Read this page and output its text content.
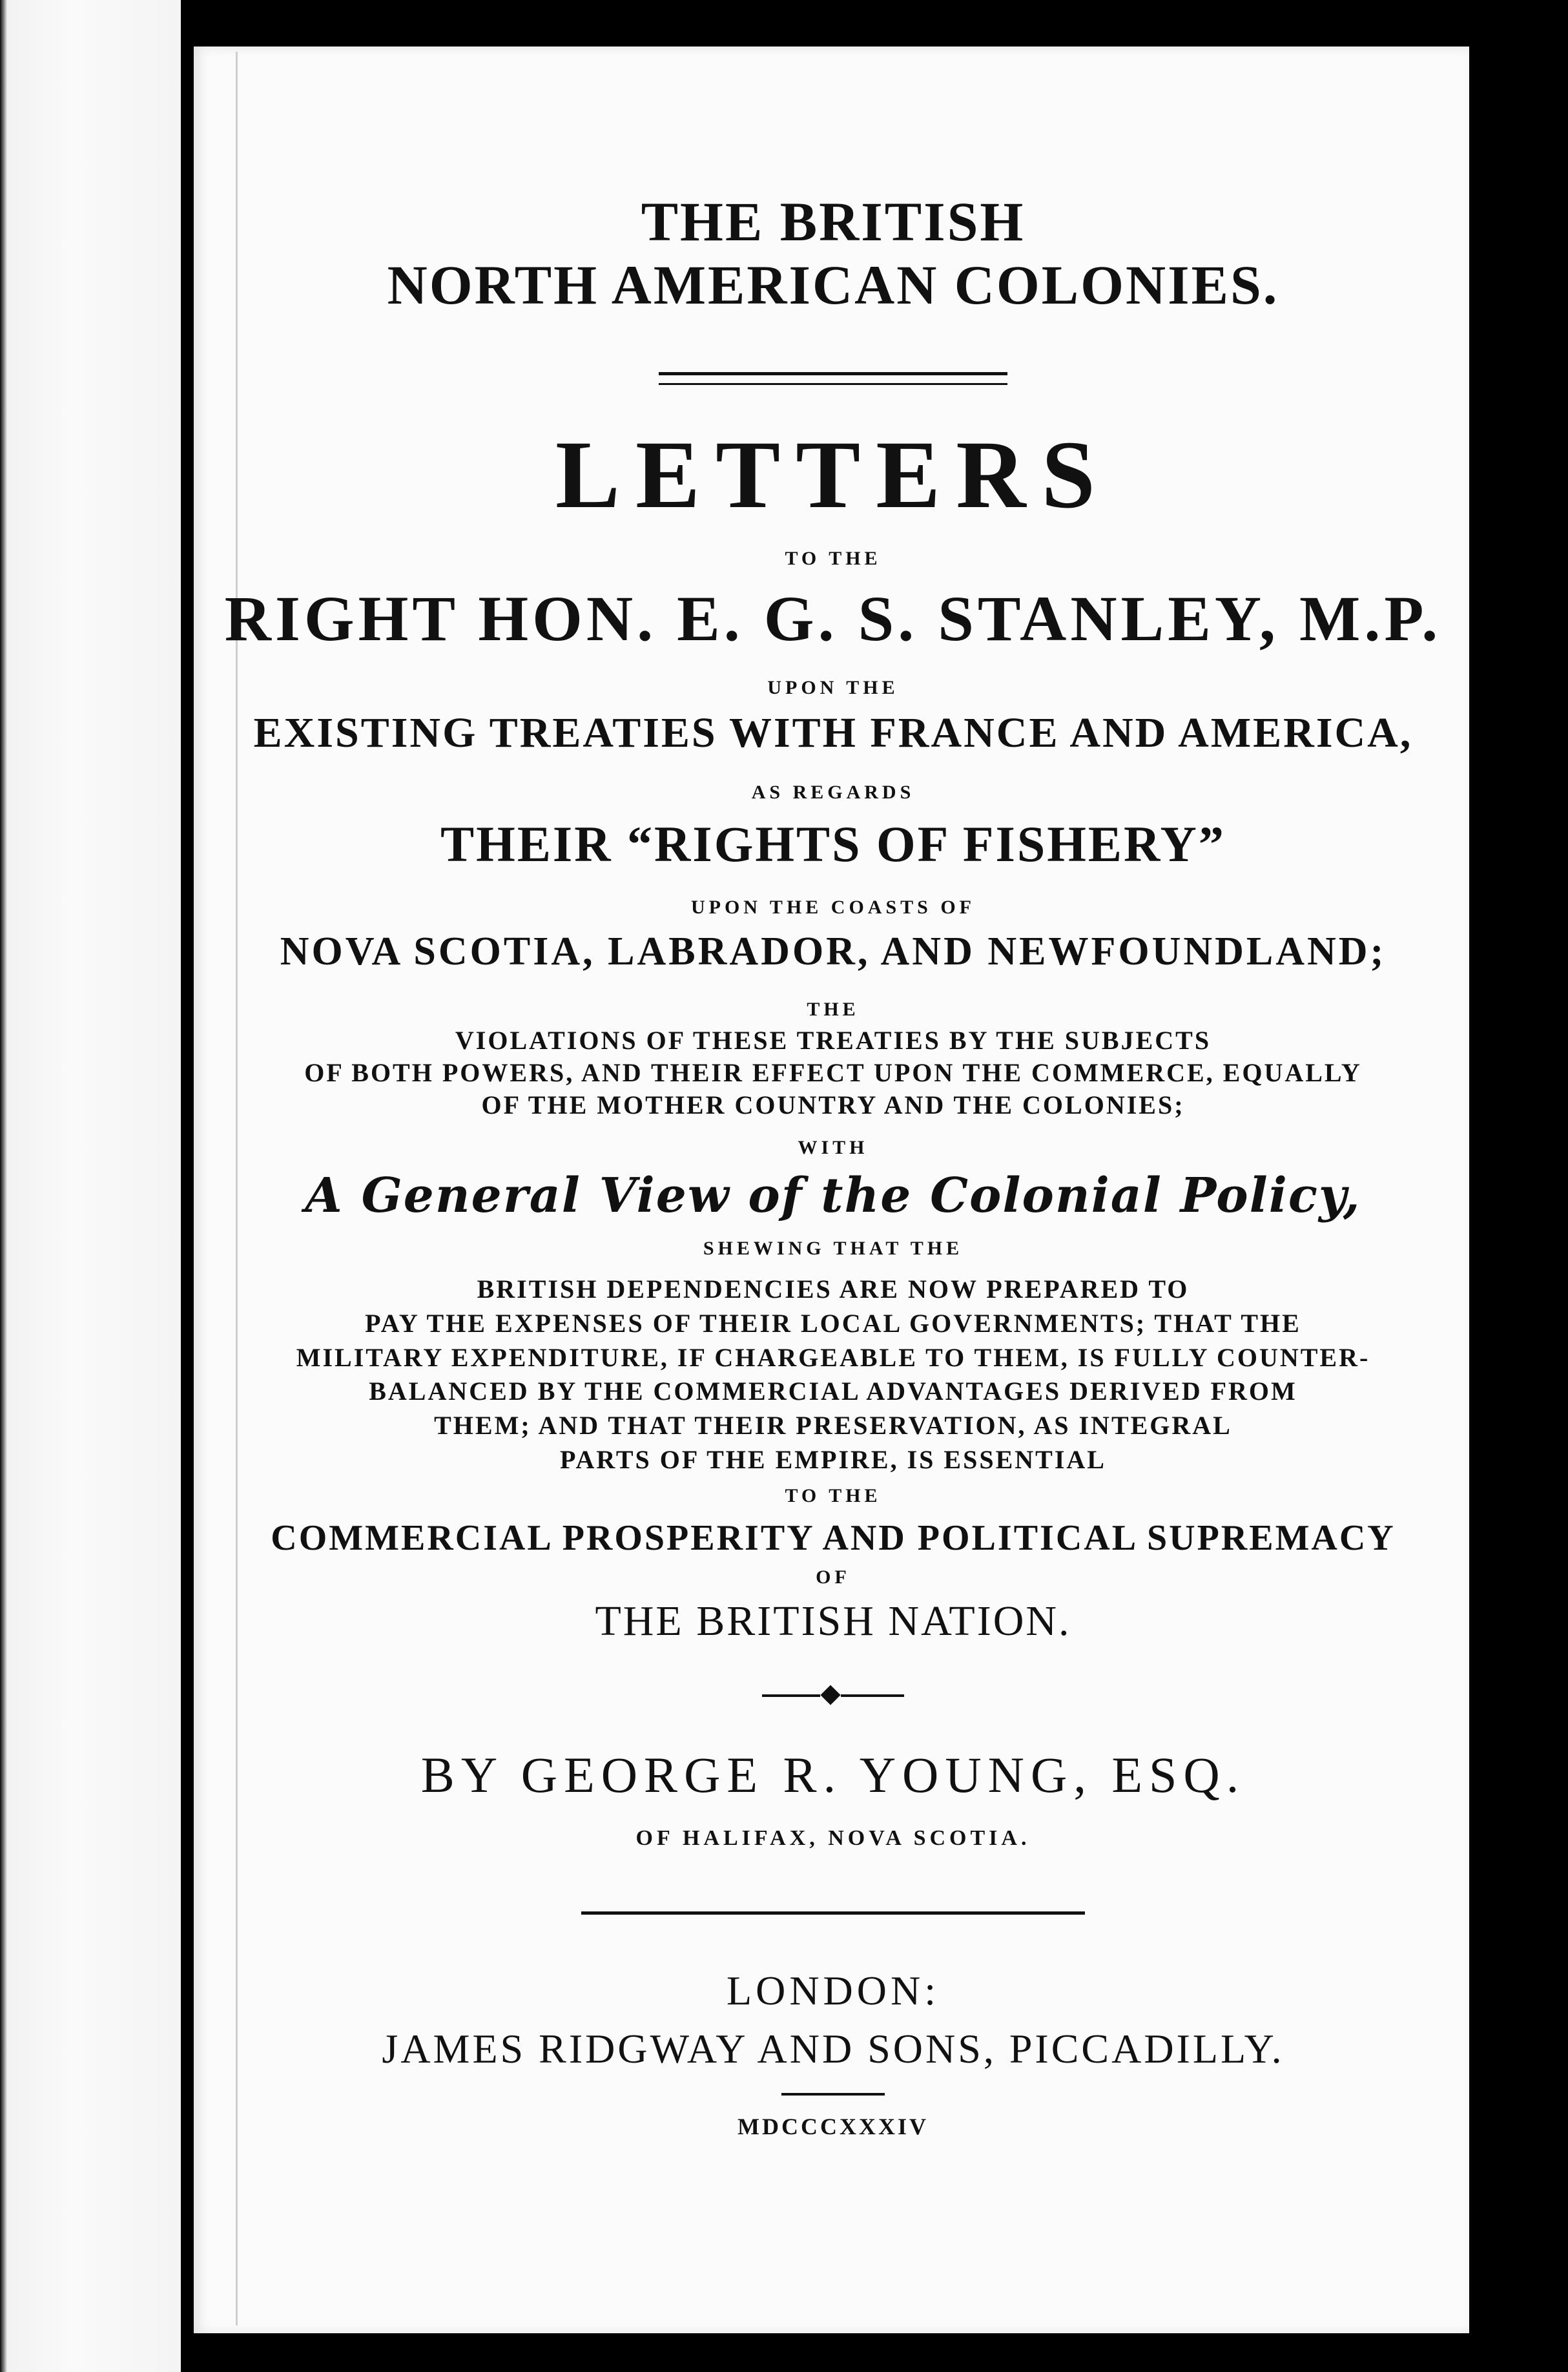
THE BRITISH

NORTH AMERICAN COLONIES.

LETTERS

TO THE

RIGHT HON. E. G. S. STANLEY, M.P.

UPON THE

EXISTING TREATIES WITH FRANCE AND AMERICA,

AS REGARDS

THEIR “RIGHTS OF FISHERY”

UPON THE COASTS OF

NOVA SCOTIA, LABRADOR, AND NEWFOUNDLAND;

THE

VIOLATIONS OF THESE TREATIES BY THE SUBJECTS

OF BOTH POWERS, AND THEIR EFFECT UPON THE COMMERCE, EQUALLY

OF THE MOTHER COUNTRY AND THE COLONIES;

WITH

A General View of the Colonial Policy,

SHEWING THAT THE

BRITISH DEPENDENCIES ARE NOW PREPARED TO

PAY THE EXPENSES OF THEIR LOCAL GOVERNMENTS; THAT THE

MILITARY EXPENDITURE, IF CHARGEABLE TO THEM, IS FULLY COUNTER-

BALANCED BY THE COMMERCIAL ADVANTAGES DERIVED FROM

THEM; AND THAT THEIR PRESERVATION, AS INTEGRAL

PARTS OF THE EMPIRE, IS ESSENTIAL

TO THE

COMMERCIAL PROSPERITY AND POLITICAL SUPREMACY

OF

THE BRITISH NATION.

BY GEORGE R. YOUNG, ESQ.

OF HALIFAX, NOVA SCOTIA.

LONDON:

JAMES RIDGWAY AND SONS, PICCADILLY.

MDCCCXXXIV
